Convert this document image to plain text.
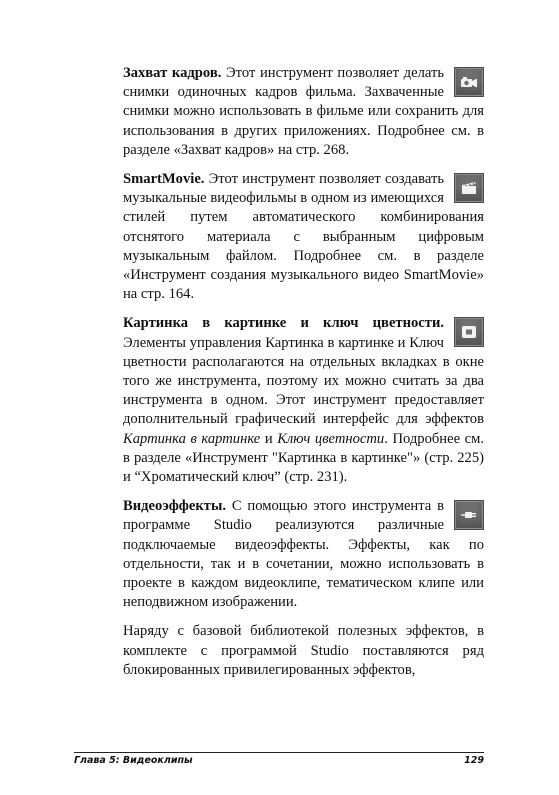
Захват кадров. Этот инструмент позволяет делать снимки одиночных кадров фильма. Захваченные снимки можно использовать в фильме или сохранить для использования в других приложениях. Подробнее см. в разделе «Захват кадров» на стр. 268.

SmartMovie. Этот инструмент позволяет создавать музыкальные видеофильмы в одном из имеющихся стилей путем автоматического комбинирования отснятого материала с выбранным цифровым музыкальным файлом. Подробнее см. в разделе «Инструмент создания музыкального видео SmartMovie» на стр. 164.

Картинка в картинке и ключ цветности. Элементы управления Картинка в картинке и Ключ цветности располагаются на отдельных вкладках в окне того же инструмента, поэтому их можно считать за два инструмента в одном. Этот инструмент предоставляет дополнительный графический интерфейс для эффектов Картинка в картинке и Ключ цветности. Подробнее см. в разделе «Инструмент "Картинка в картинке"» (стр. 225) и “Хроматический ключ” (стр. 231).

Видеоэффекты. С помощью этого инструмента в программе Studio реализуются различные подключаемые видеоэффекты. Эффекты, как по отдельности, так и в сочетании, можно использовать в проекте в каждом видеоклипе, тематическом клипе или неподвижном изображении.

Наряду с базовой библиотекой полезных эффектов, в комплекте с программой Studio поставляются ряд блокированных привилегированных эффектов,

Глава 5: Видеоклипы	129
